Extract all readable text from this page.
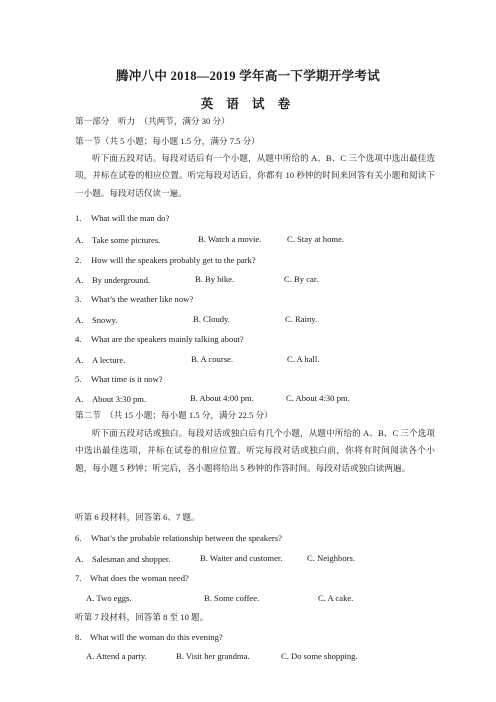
腾冲八中 2018—2019 学年高一下学期开学考试
英 语 试 卷
第一部分　听力　（共两节，满分 30 分）
第一节（共 5 小题；每小题 1.5 分，满分 7.5 分）
听下面五段对话。每段对话后有一个小题，从题中所给的 A、B、C 三个选项中选出最佳选项，并标在试卷的相应位置。听完每段对话后，你都有 10 秒钟的时间来回答有关小题和阅读下一小题。每段对话仅读一遍。
1. What will the man do?
A.　Take some pictures.	B. Watch a movie.	C. Stay at home.
2. How will the speakers probably get to the park?
A.　By underground.	B. By bike.	C. By car.
3. What’s the weather like now?
A.　Snowy.	B. Cloudy.	C. Rainy.
4. What are the speakers mainly talking about?
A.　A lecture.	B. A course.	C. A hall.
5. What time is it now?
A.　About 3:30 pm.	B. About 4:00 pm.	C. About 4:30 pm.
第二节　（共 15 小题；每小题 1.5 分，满分 22.5 分）
听下面五段对话或独白。每段对话或独白后有几个小题，从题中所给的 A、B、C 三个选项中选出最佳选项，并标在试卷的相应位置。听完每段对话或独白前，你将有时间阅读各个小题，每小题 5 秒钟；听完后，各小题将给出 5 秒钟的作答时间。每段对话或独白读两遍。
听第 6 段材料，回答第 6、7 题。
6. What’s the probable relationship between the speakers?
A.　Salesman and shopper.	B. Waiter and customer.	C. Neighbors.
7.　What does the woman need?
A. Two eggs.	B. Some coffee.	C. A cake.
听第 7 段材料，回答第 8 至 10 题。
8.　What will the woman do this evening?
A. Attend a party.	B. Visit her grandma.	C. Do some shopping.
